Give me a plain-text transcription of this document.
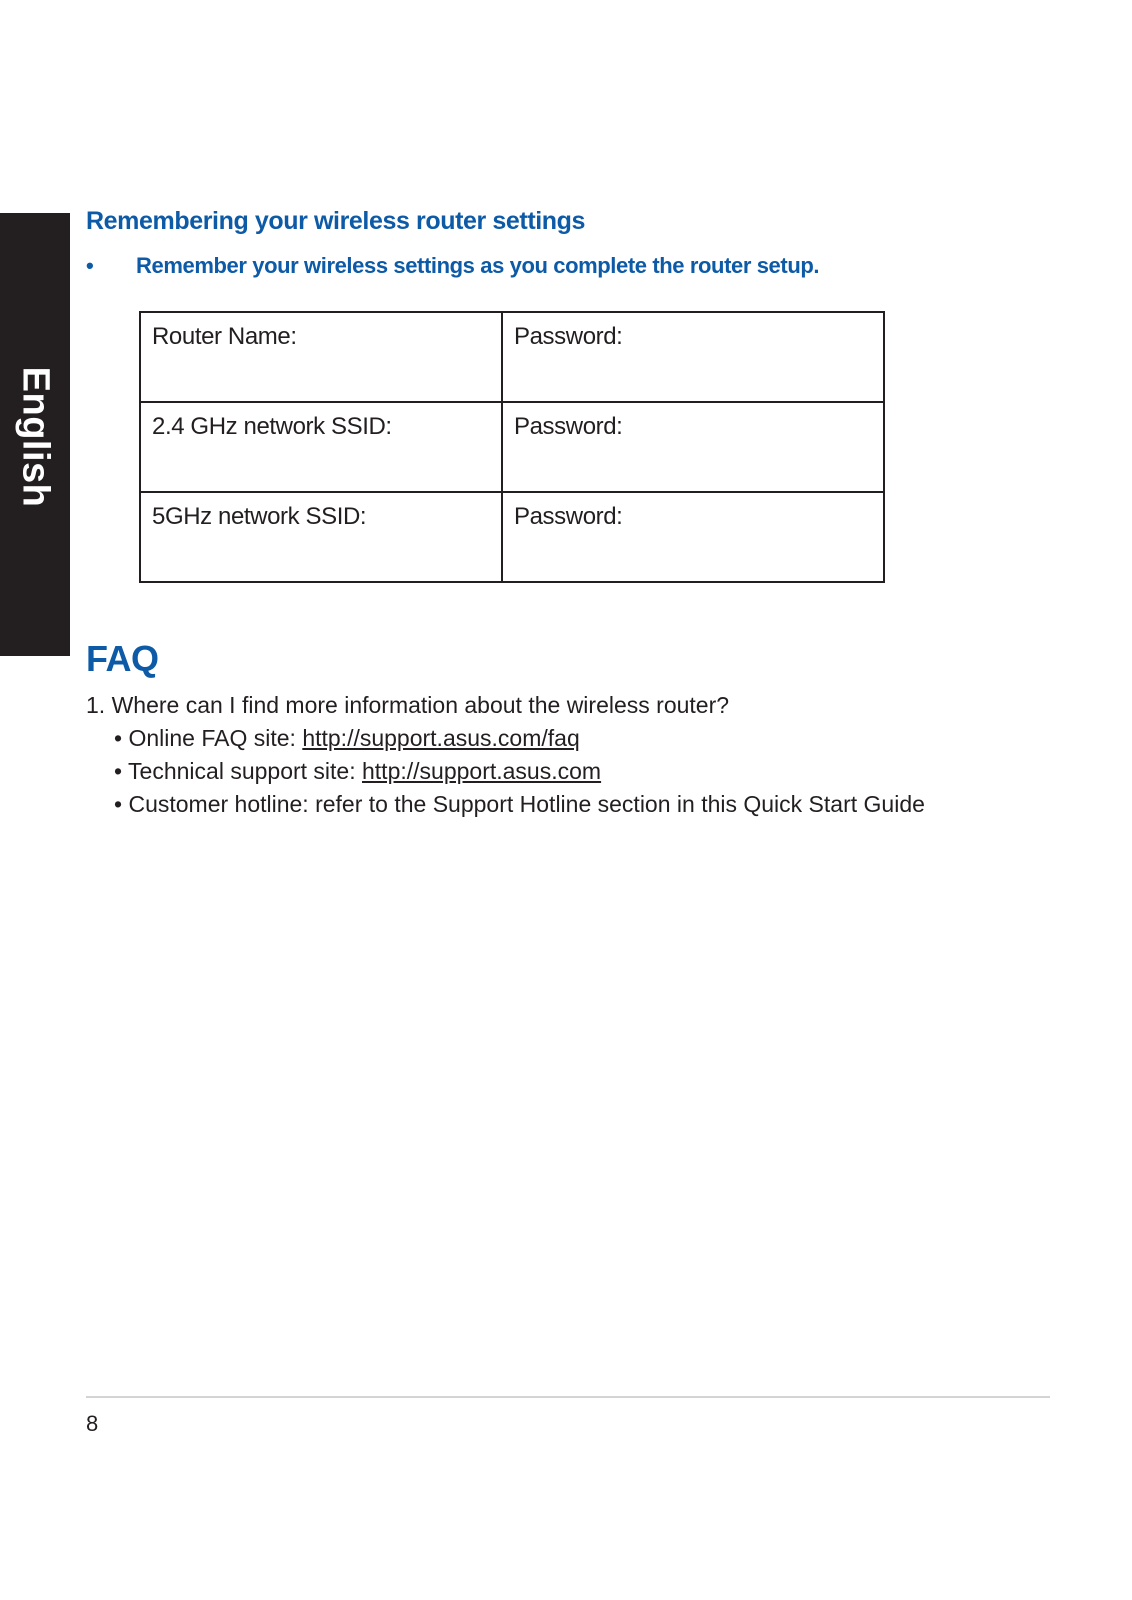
English
Remembering your wireless router settings
• Remember your wireless settings as you complete the router setup.
Router Name:	Password:
2.4 GHz network SSID:	Password:
5GHz network SSID:	Password:
FAQ
1. Where can I find more information about the wireless router?
• Online FAQ site: http://support.asus.com/faq
• Technical support site: http://support.asus.com
• Customer hotline: refer to the Support Hotline section in this Quick Start Guide
8
